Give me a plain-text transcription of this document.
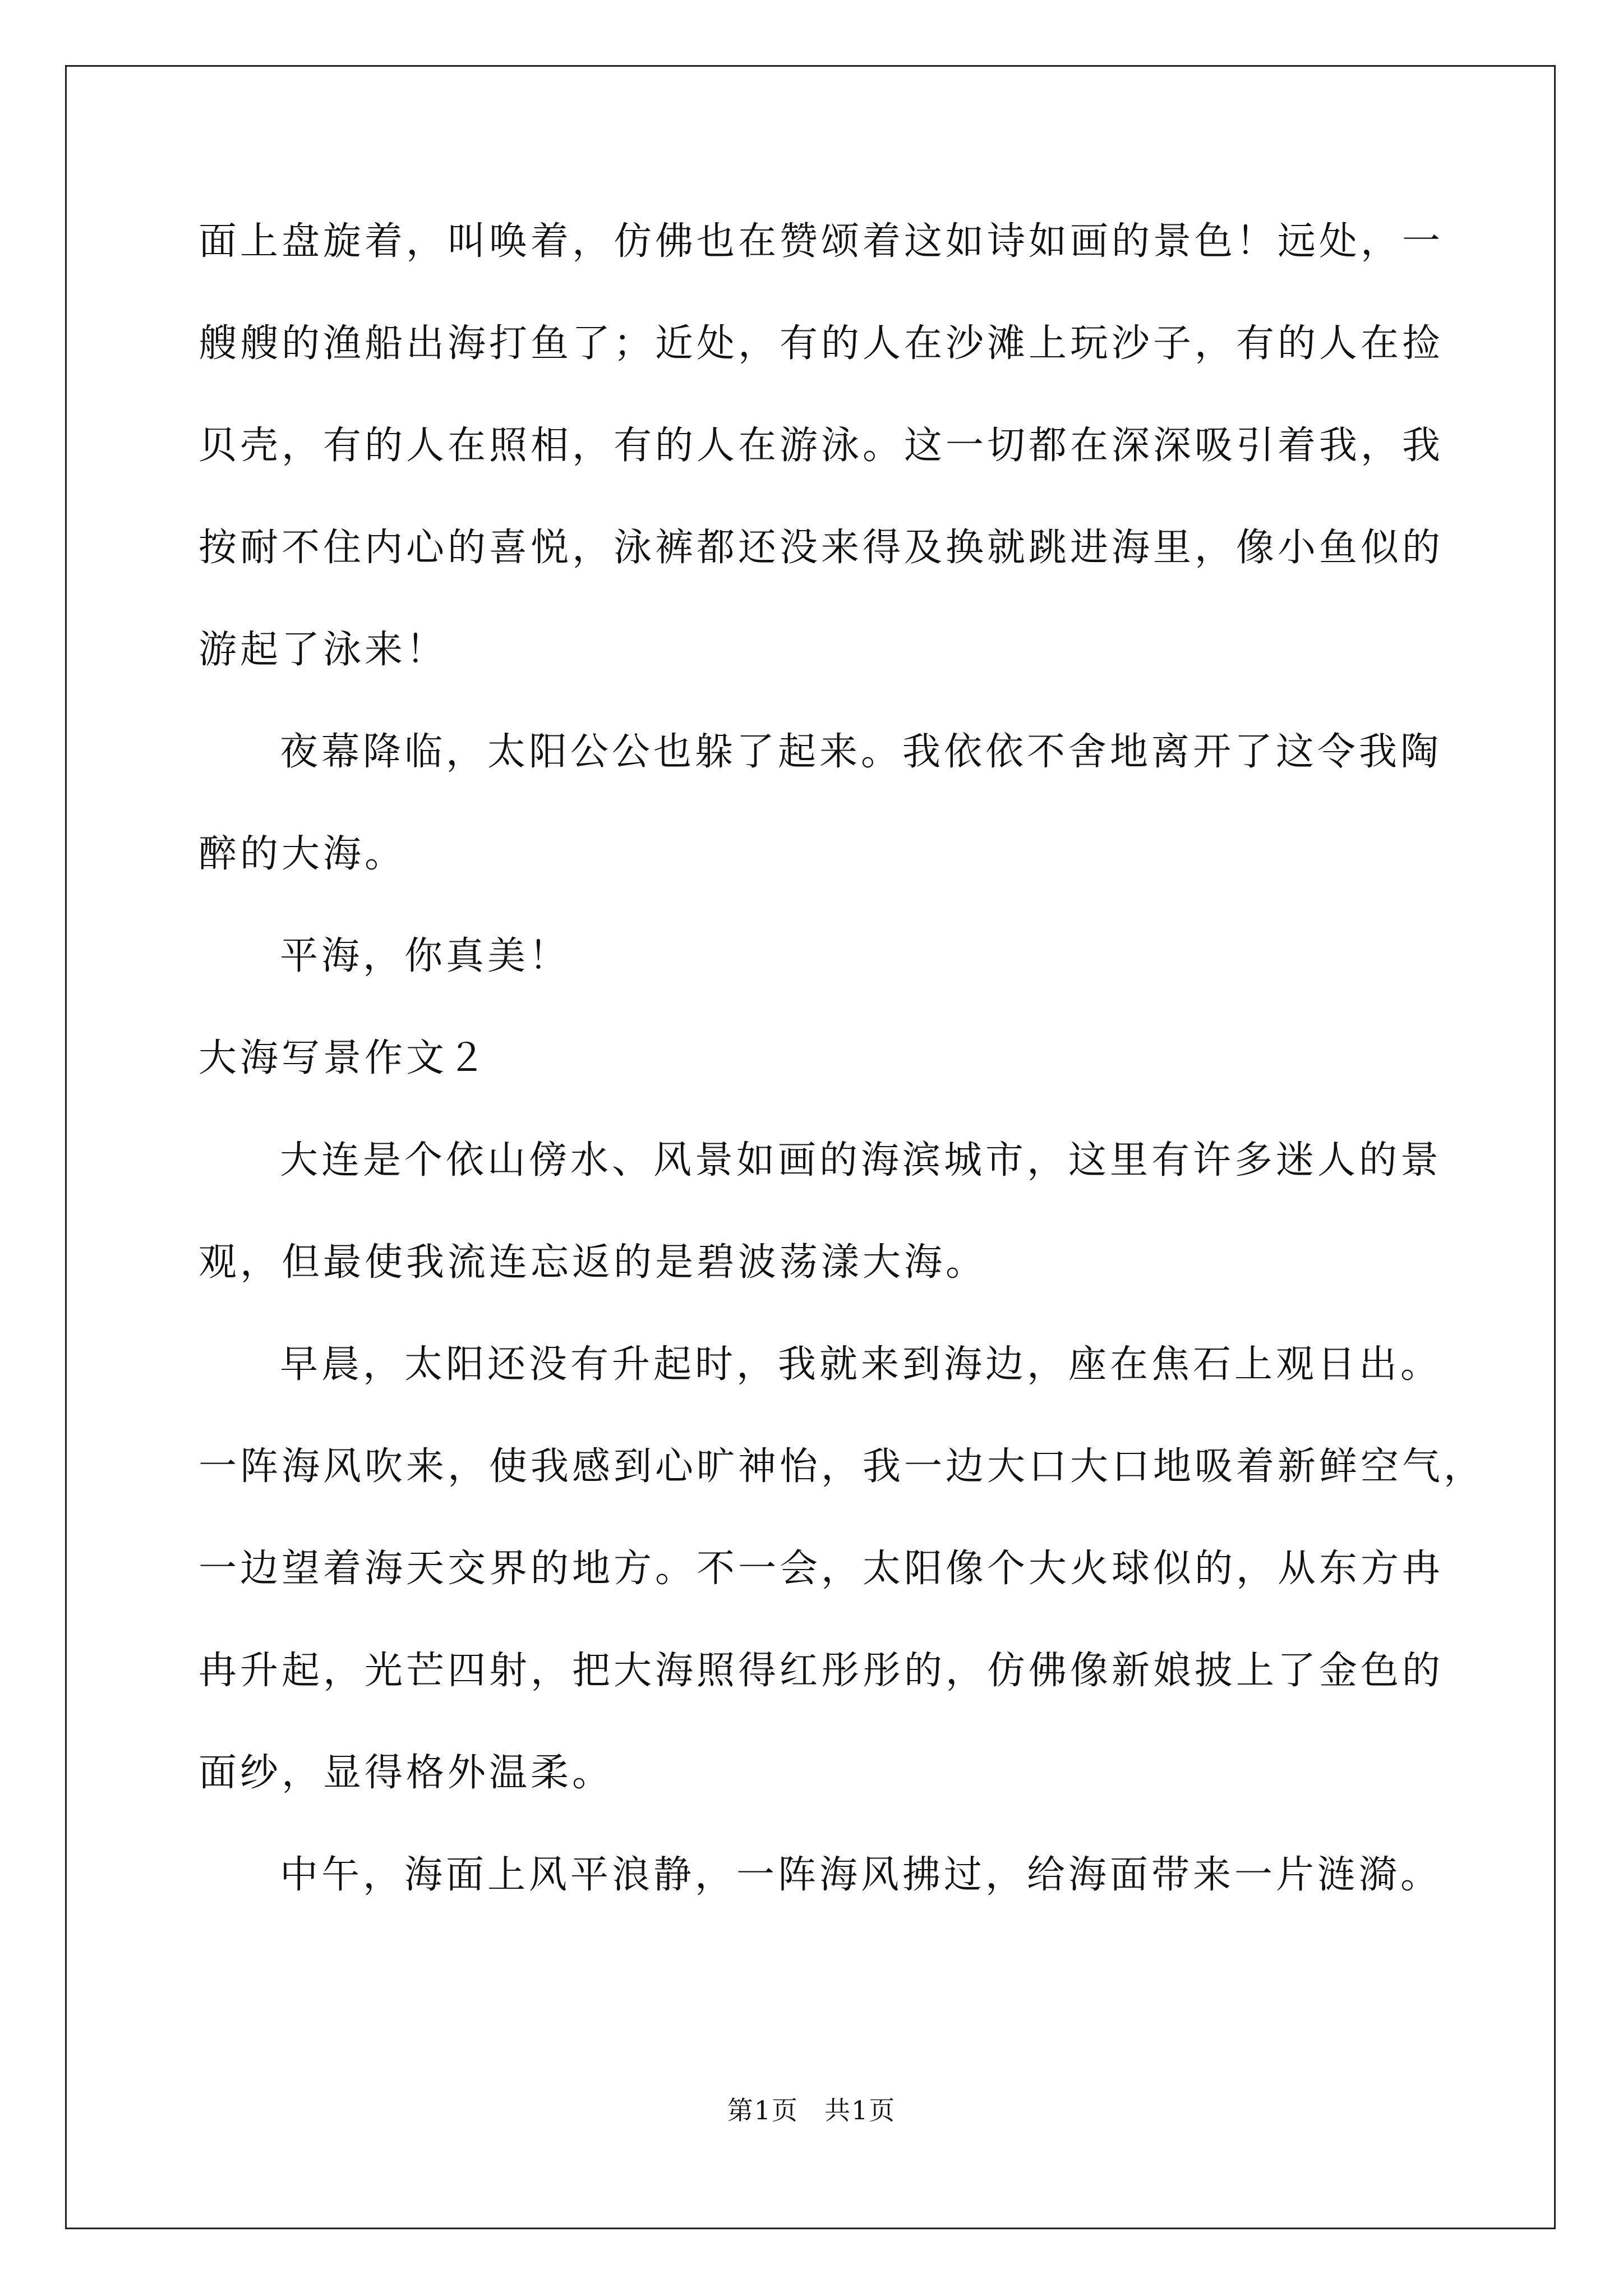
面上盘旋着，叫唤着，仿佛也在赞颂着这如诗如画的景色！远处，一
艘艘的渔船出海打鱼了；近处，有的人在沙滩上玩沙子，有的人在捡
贝壳，有的人在照相，有的人在游泳。这一切都在深深吸引着我，我
按耐不住内心的喜悦，泳裤都还没来得及换就跳进海里，像小鱼似的
游起了泳来！
夜幕降临，太阳公公也躲了起来。我依依不舍地离开了这令我陶
醉的大海。
平海，你真美！
大海写景作文２
大连是个依山傍水、风景如画的海滨城市，这里有许多迷人的景
观，但最使我流连忘返的是碧波荡漾大海。
早晨，太阳还没有升起时，我就来到海边，座在焦石上观日出。
一阵海风吹来，使我感到心旷神怡，我一边大口大口地吸着新鲜空气，
一边望着海天交界的地方。不一会，太阳像个大火球似的，从东方冉
冉升起，光芒四射，把大海照得红彤彤的，仿佛像新娘披上了金色的
面纱，显得格外温柔。
中午，海面上风平浪静，一阵海风拂过，给海面带来一片涟漪。
第1页 共1页
